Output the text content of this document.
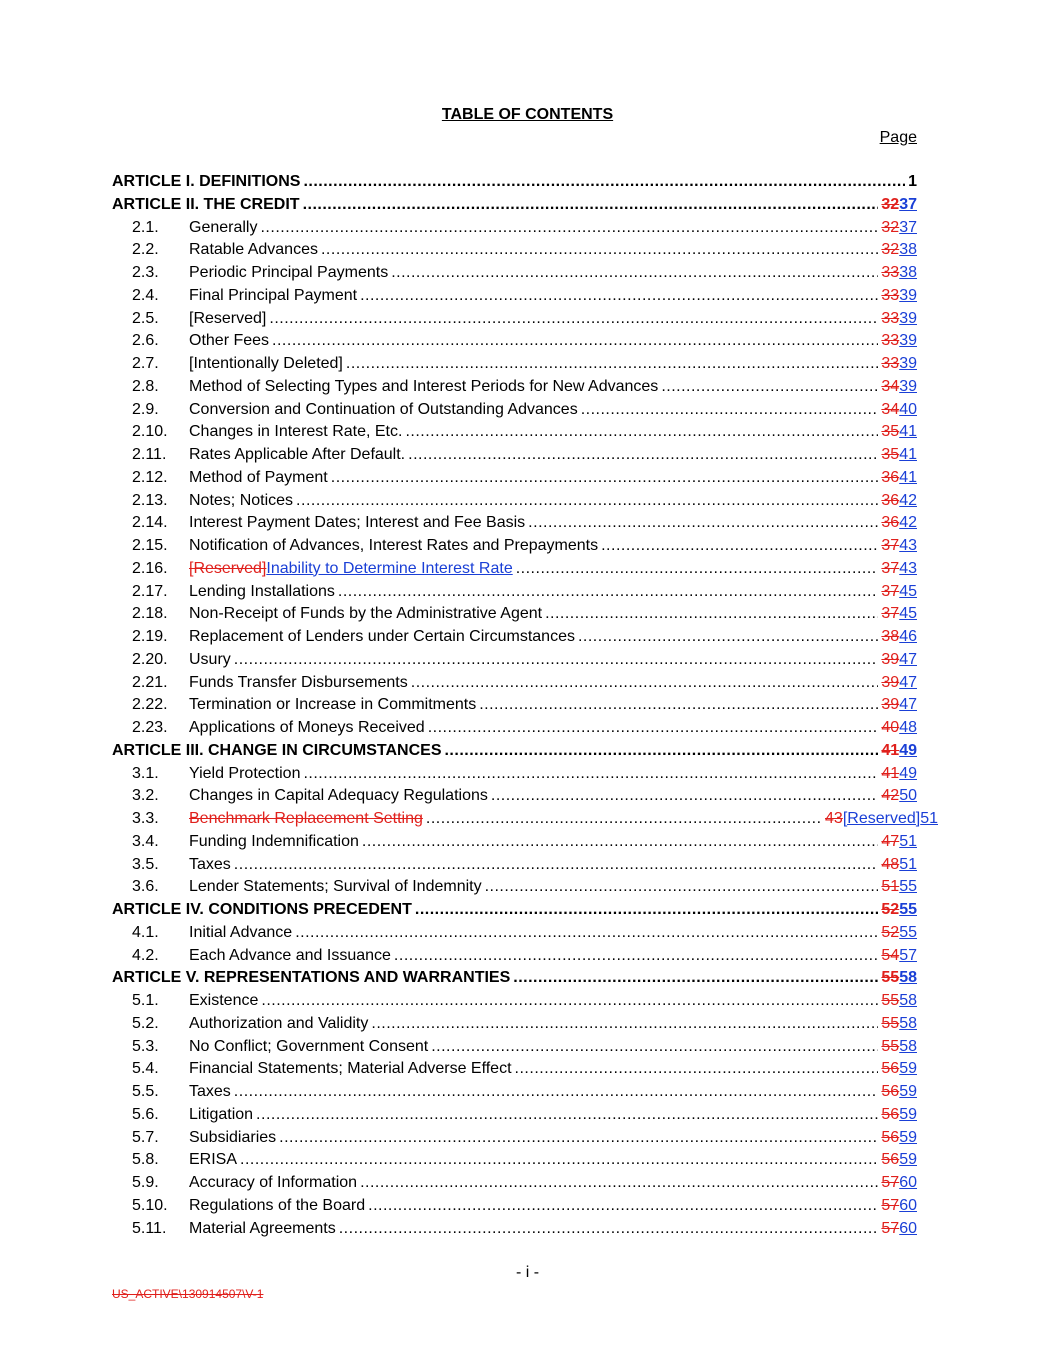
TABLE OF CONTENTS
Page
ARTICLE I. DEFINITIONS .....	1
ARTICLE II. THE CREDIT .....	3237
2.1.	Generally .....	3237
2.2.	Ratable Advances .....	3238
2.3.	Periodic Principal Payments .....	3338
2.4.	Final Principal Payment .....	3339
2.5.	[Reserved] .....	3339
2.6.	Other Fees .....	3339
2.7.	[Intentionally Deleted] .....	3339
2.8.	Method of Selecting Types and Interest Periods for New Advances .....	3439
2.9.	Conversion and Continuation of Outstanding Advances .....	3440
2.10.	Changes in Interest Rate, Etc. .....	3541
2.11.	Rates Applicable After Default. .....	3541
2.12.	Method of Payment .....	3641
2.13.	Notes; Notices .....	3642
2.14.	Interest Payment Dates; Interest and Fee Basis .....	3642
2.15.	Notification of Advances, Interest Rates and Prepayments .....	3743
2.16.	[Reserved]Inability to Determine Interest Rate .....	3743
2.17.	Lending Installations .....	3745
2.18.	Non-Receipt of Funds by the Administrative Agent .....	3745
2.19.	Replacement of Lenders under Certain Circumstances .....	3846
2.20.	Usury .....	3947
2.21.	Funds Transfer Disbursements .....	3947
2.22.	Termination or Increase in Commitments .....	3947
2.23.	Applications of Moneys Received .....	4048
ARTICLE III. CHANGE IN CIRCUMSTANCES .....	4149
3.1.	Yield Protection .....	4149
3.2.	Changes in Capital Adequacy Regulations .....	4250
3.3.	Benchmark Replacement Setting .....	43[Reserved]51
3.4.	Funding Indemnification .....	4751
3.5.	Taxes .....	4851
3.6.	Lender Statements; Survival of Indemnity .....	5155
ARTICLE IV. CONDITIONS PRECEDENT .....	5255
4.1.	Initial Advance .....	5255
4.2.	Each Advance and Issuance .....	5457
ARTICLE V. REPRESENTATIONS AND WARRANTIES .....	5558
5.1.	Existence .....	5558
5.2.	Authorization and Validity .....	5558
5.3.	No Conflict; Government Consent .....	5558
5.4.	Financial Statements; Material Adverse Effect .....	5659
5.5.	Taxes .....	5659
5.6.	Litigation .....	5659
5.7.	Subsidiaries .....	5659
5.8.	ERISA .....	5659
5.9.	Accuracy of Information .....	5760
5.10.	Regulations of the Board .....	5760
5.11.	Material Agreements .....	5760
- i -
US_ACTIVE\130914507\V-1
